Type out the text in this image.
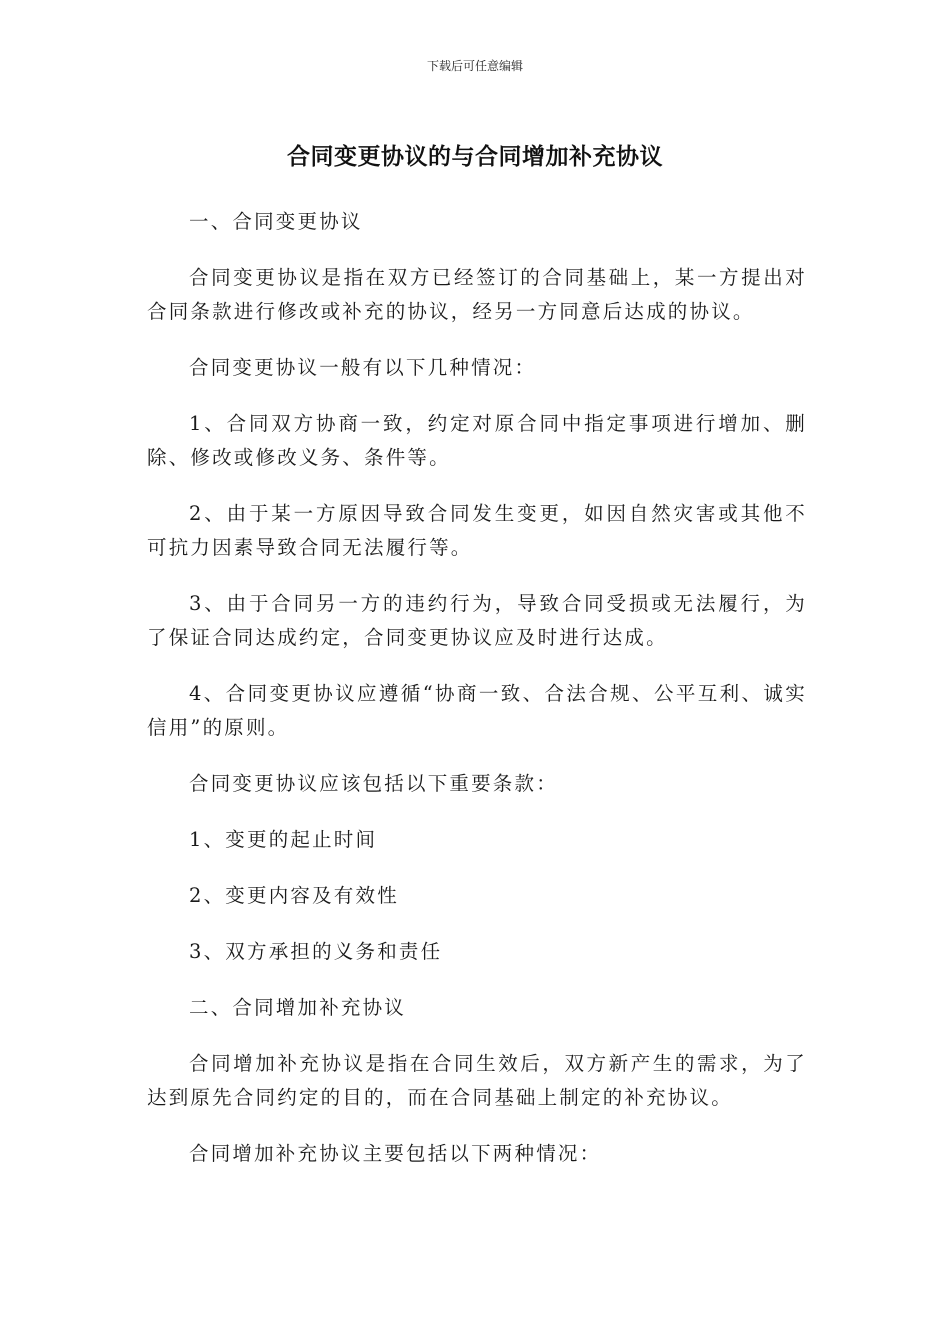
下载后可任意编辑
合同变更协议的与合同增加补充协议

一、合同变更协议

合同变更协议是指在双方已经签订的合同基础上，某一方提出对合同条款进行修改或补充的协议，经另一方同意后达成的协议。

合同变更协议一般有以下几种情况：

1、合同双方协商一致，约定对原合同中指定事项进行增加、删除、修改或修改义务、条件等。

2、由于某一方原因导致合同发生变更，如因自然灾害或其他不可抗力因素导致合同无法履行等。

3、由于合同另一方的违约行为，导致合同受损或无法履行，为了保证合同达成约定，合同变更协议应及时进行达成。

4、合同变更协议应遵循“协商一致、合法合规、公平互利、诚实信用”的原则。

合同变更协议应该包括以下重要条款：

1、变更的起止时间

2、变更内容及有效性

3、双方承担的义务和责任

二、合同增加补充协议

合同增加补充协议是指在合同生效后，双方新产生的需求，为了达到原先合同约定的目的，而在合同基础上制定的补充协议。

合同增加补充协议主要包括以下两种情况：
